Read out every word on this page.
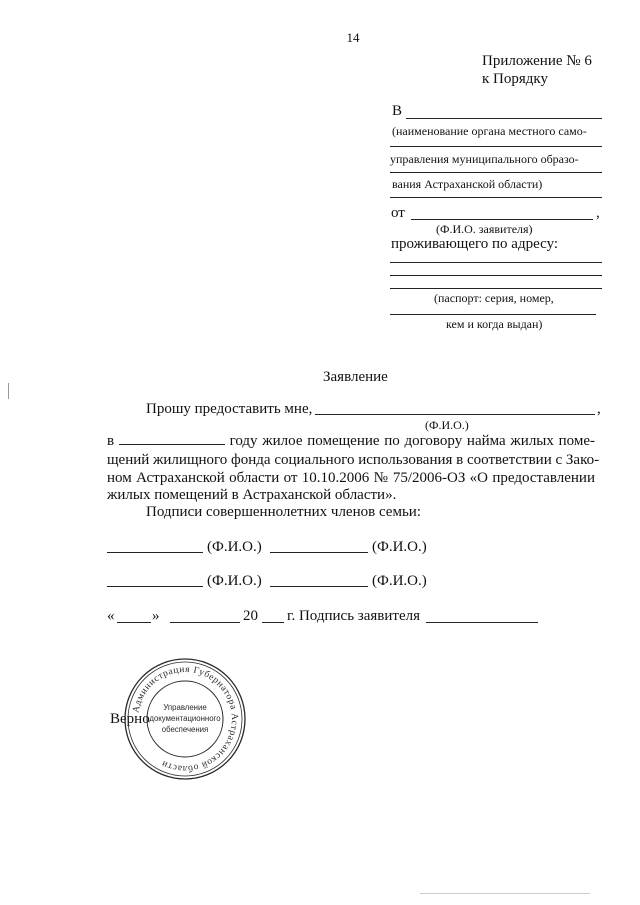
14
Приложение № 6
к Порядку
В
(наименование органа местного само-
управления муниципального образо-
вания Астраханской области)
от	,
(Ф.И.О. заявителя)
проживающего по адресу:
(паспорт: серия, номер,
кем и когда выдан)
Заявление
Прошу предоставить мне,	,
(Ф.И.О.)
в	году жилое помещение по договору найма жилых поме-
щений жилищного фонда социального использования в соответствии с Зако-
ном Астраханской области от 10.10.2006 № 75/2006-ОЗ «О предоставлении
жилых помещений в Астраханской области».
Подписи совершеннолетних членов семьи:
(Ф.И.О.)	(Ф.И.О.)
(Ф.И.О.)	(Ф.И.О.)
«	»	20 г. Подпись заявителя
Верно
Администрация Губернатора Астраханской области
Управление
документационного
обеспечения
